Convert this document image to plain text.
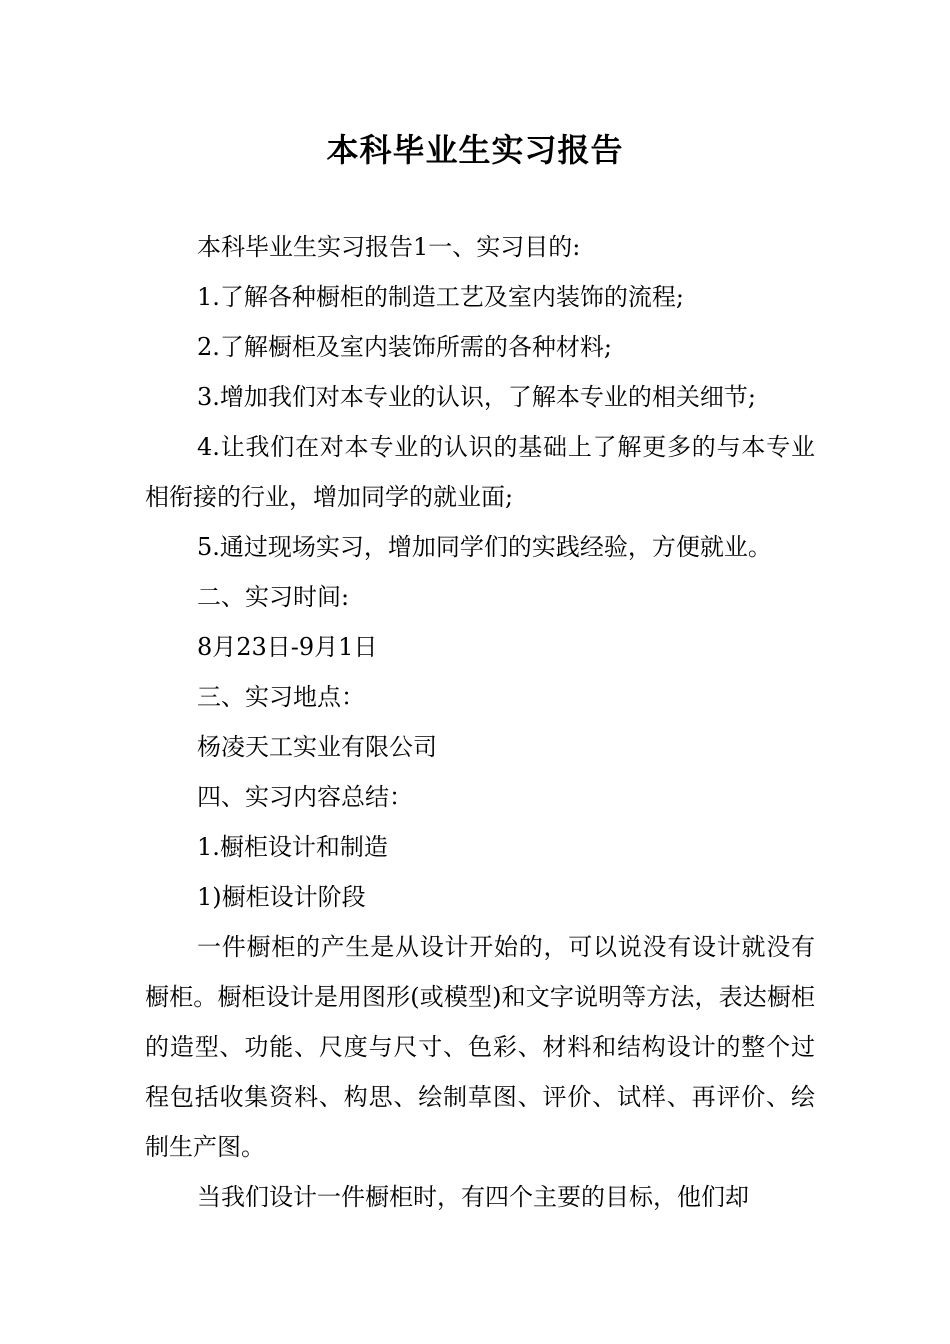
本科毕业生实习报告

本科毕业生实习报告1一、实习目的:

1.了解各种橱柜的制造工艺及室内装饰的流程;

2.了解橱柜及室内装饰所需的各种材料;

3.增加我们对本专业的认识，了解本专业的相关细节;

4.让我们在对本专业的认识的基础上了解更多的与本专业相衔接的行业，增加同学的就业面;

5.通过现场实习，增加同学们的实践经验，方便就业。

二、实习时间:

8月23日-9月1日

三、实习地点：

杨凌天工实业有限公司

四、实习内容总结：

1.橱柜设计和制造

1)橱柜设计阶段

一件橱柜的产生是从设计开始的，可以说没有设计就没有橱柜。橱柜设计是用图形(或模型)和文字说明等方法，表达橱柜的造型、功能、尺度与尺寸、色彩、材料和结构设计的整个过程包括收集资料、构思、绘制草图、评价、试样、再评价、绘制生产图。

当我们设计一件橱柜时，有四个主要的目标，他们却
